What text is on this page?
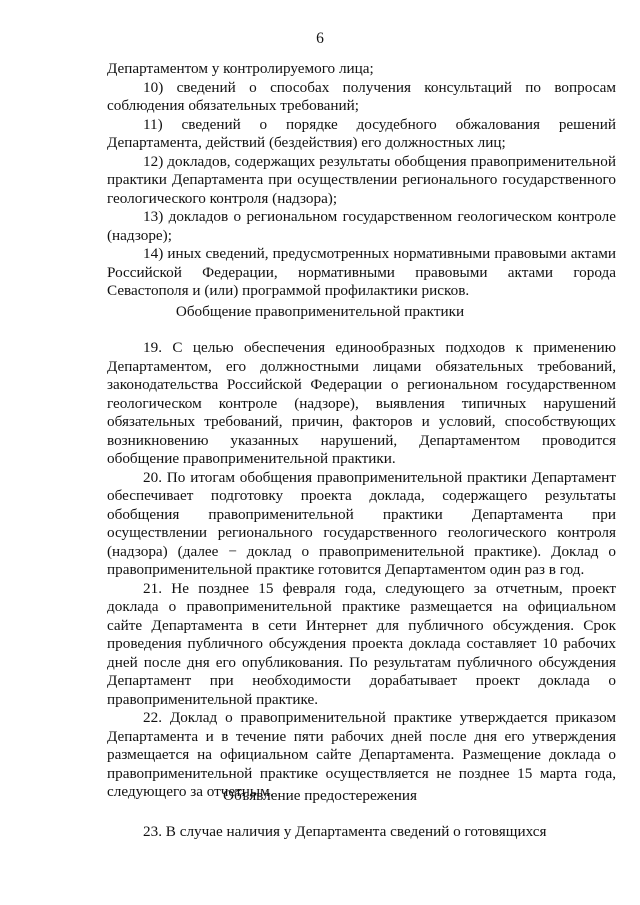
6

Департаментом у контролируемого лица;

10) сведений о способах получения консультаций по вопросам соблюдения обязательных требований;

11) сведений о порядке досудебного обжалования решений Департамента, действий (бездействия) его должностных лиц;

12) докладов, содержащих результаты обобщения правоприменительной практики Департамента при осуществлении регионального государственного геологического контроля (надзора);

13) докладов о региональном государственном геологическом контроле (надзоре);

14) иных сведений, предусмотренных нормативными правовыми актами Российской Федерации, нормативными правовыми актами города Севастополя и (или) программой профилактики рисков.

Обобщение правоприменительной практики

19. С целью обеспечения единообразных подходов к применению Департаментом, его должностными лицами обязательных требований, законодательства Российской Федерации о региональном государственном геологическом контроле (надзоре), выявления типичных нарушений обязательных требований, причин, факторов и условий, способствующих возникновению указанных нарушений, Департаментом проводится обобщение правоприменительной практики.

20. По итогам обобщения правоприменительной практики Департамент обеспечивает подготовку проекта доклада, содержащего результаты обобщения правоприменительной практики Департамента при осуществлении регионального государственного геологического контроля (надзора) (далее − доклад о правоприменительной практике). Доклад о правоприменительной практике готовится Департаментом один раз в год.

21. Не позднее 15 февраля года, следующего за отчетным, проект доклада о правоприменительной практике размещается на официальном сайте Департамента в сети Интернет для публичного обсуждения. Срок проведения публичного обсуждения проекта доклада составляет 10 рабочих дней после дня его опубликования. По результатам публичного обсуждения Департамент при необходимости дорабатывает проект доклада о правоприменительной практике.

22. Доклад о правоприменительной практике утверждается приказом Департамента и в течение пяти рабочих дней после дня его утверждения размещается на официальном сайте Департамента. Размещение доклада о правоприменительной практике осуществляется не позднее 15 марта года, следующего за отчетным.

Объявление предостережения

23. В случае наличия у Департамента сведений о готовящихся
